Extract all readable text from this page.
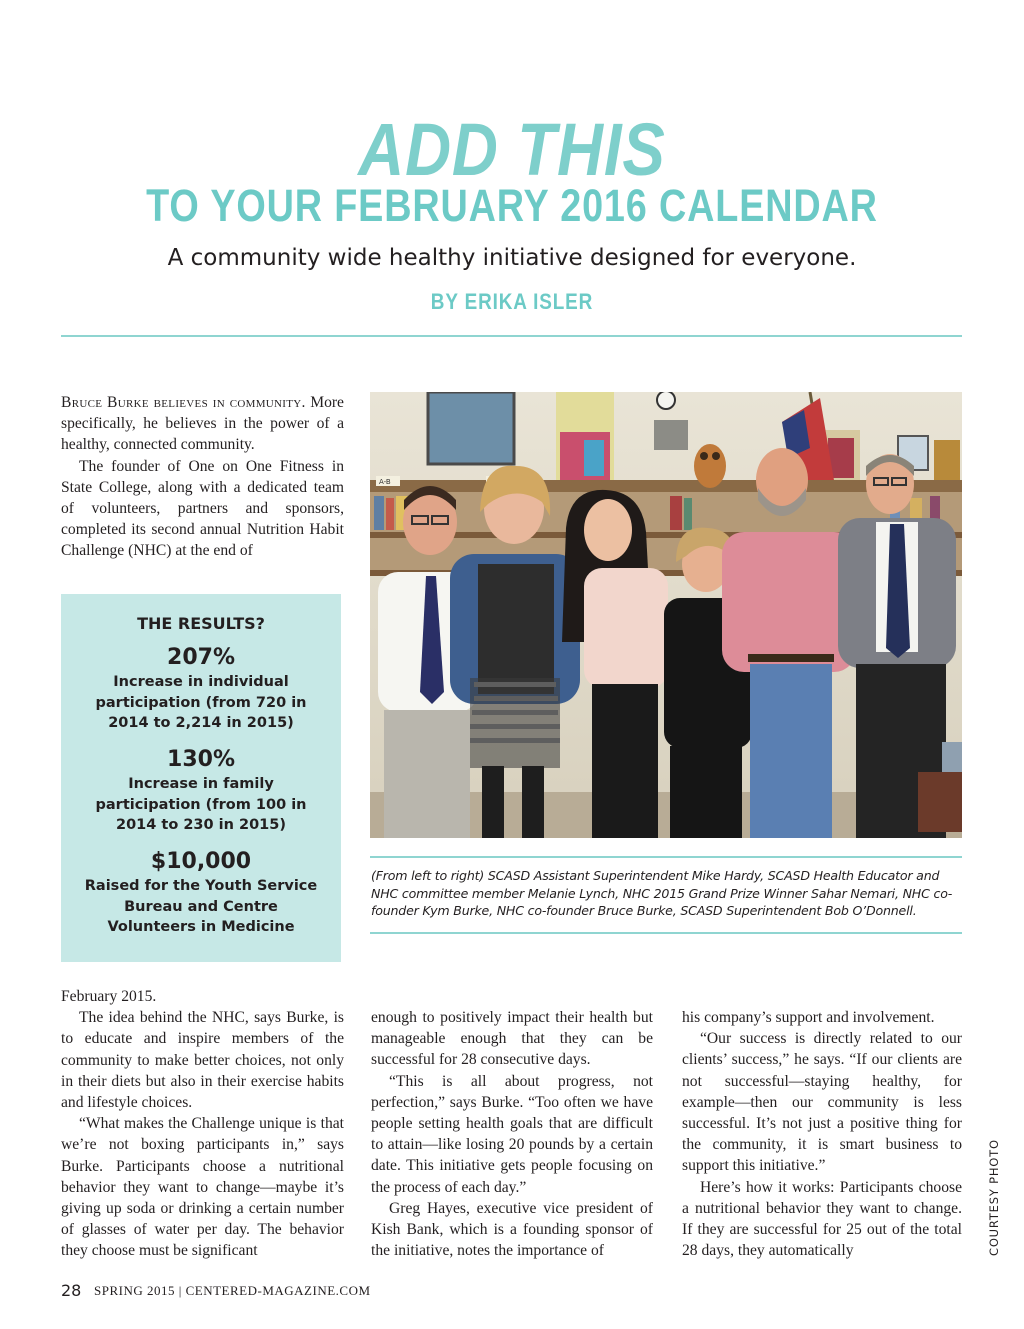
ADD THIS
TO YOUR FEBRUARY 2016 CALENDAR
A community wide healthy initiative designed for everyone.
BY ERIKA ISLER

Bruce Burke believes in community. More specifically, he believes in the power of a healthy, connected community.

The founder of One on One Fitness in State College, along with a dedicated team of volunteers, partners and sponsors, completed its second annual Nutrition Habit Challenge (NHC) at the end of

THE RESULTS?
207%
Increase in individual participation (from 720 in 2014 to 2,214 in 2015)
130%
Increase in family participation (from 100 in 2014 to 230 in 2015)
$10,000
Raised for the Youth Service Bureau and Centre Volunteers in Medicine
A-B
(From left to right) SCASD Assistant Superintendent Mike Hardy, SCASD Health Educator and NHC committee member Melanie Lynch, NHC 2015 Grand Prize Winner Sahar Nemari, NHC co-founder Kym Burke, NHC co-founder Bruce Burke, SCASD Superintendent Bob O’Donnell.

February 2015.

The idea behind the NHC, says Burke, is to educate and inspire members of the community to make better choices, not only in their diets but also in their exercise habits and lifestyle choices.

“What makes the Challenge unique is that we’re not boxing participants in,” says Burke. Participants choose a nutritional behavior they want to change—maybe it’s giving up soda or drinking a certain number of glasses of water per day. The behavior they choose must be significant

enough to positively impact their health but manageable enough that they can be successful for 28 consecutive days.

“This is all about progress, not perfection,” says Burke. “Too often we have people setting health goals that are difficult to attain—like losing 20 pounds by a certain date. This initiative gets people focusing on the process of each day.”

Greg Hayes, executive vice president of Kish Bank, which is a founding sponsor of the initiative, notes the importance of

his company’s support and involvement.

“Our success is directly related to our clients’ success,” he says. “If our clients are not successful—staying healthy, for example—then our community is less successful. It’s not just a positive thing for the community, it is smart business to support this initiative.”

Here’s how it works: Participants choose a nutritional behavior they want to change. If they are successful for 25 out of the total 28 days, they automatically	COURTESY PHOTO
28 SPRING 2015 | CENTERED-MAGAZINE.COM
